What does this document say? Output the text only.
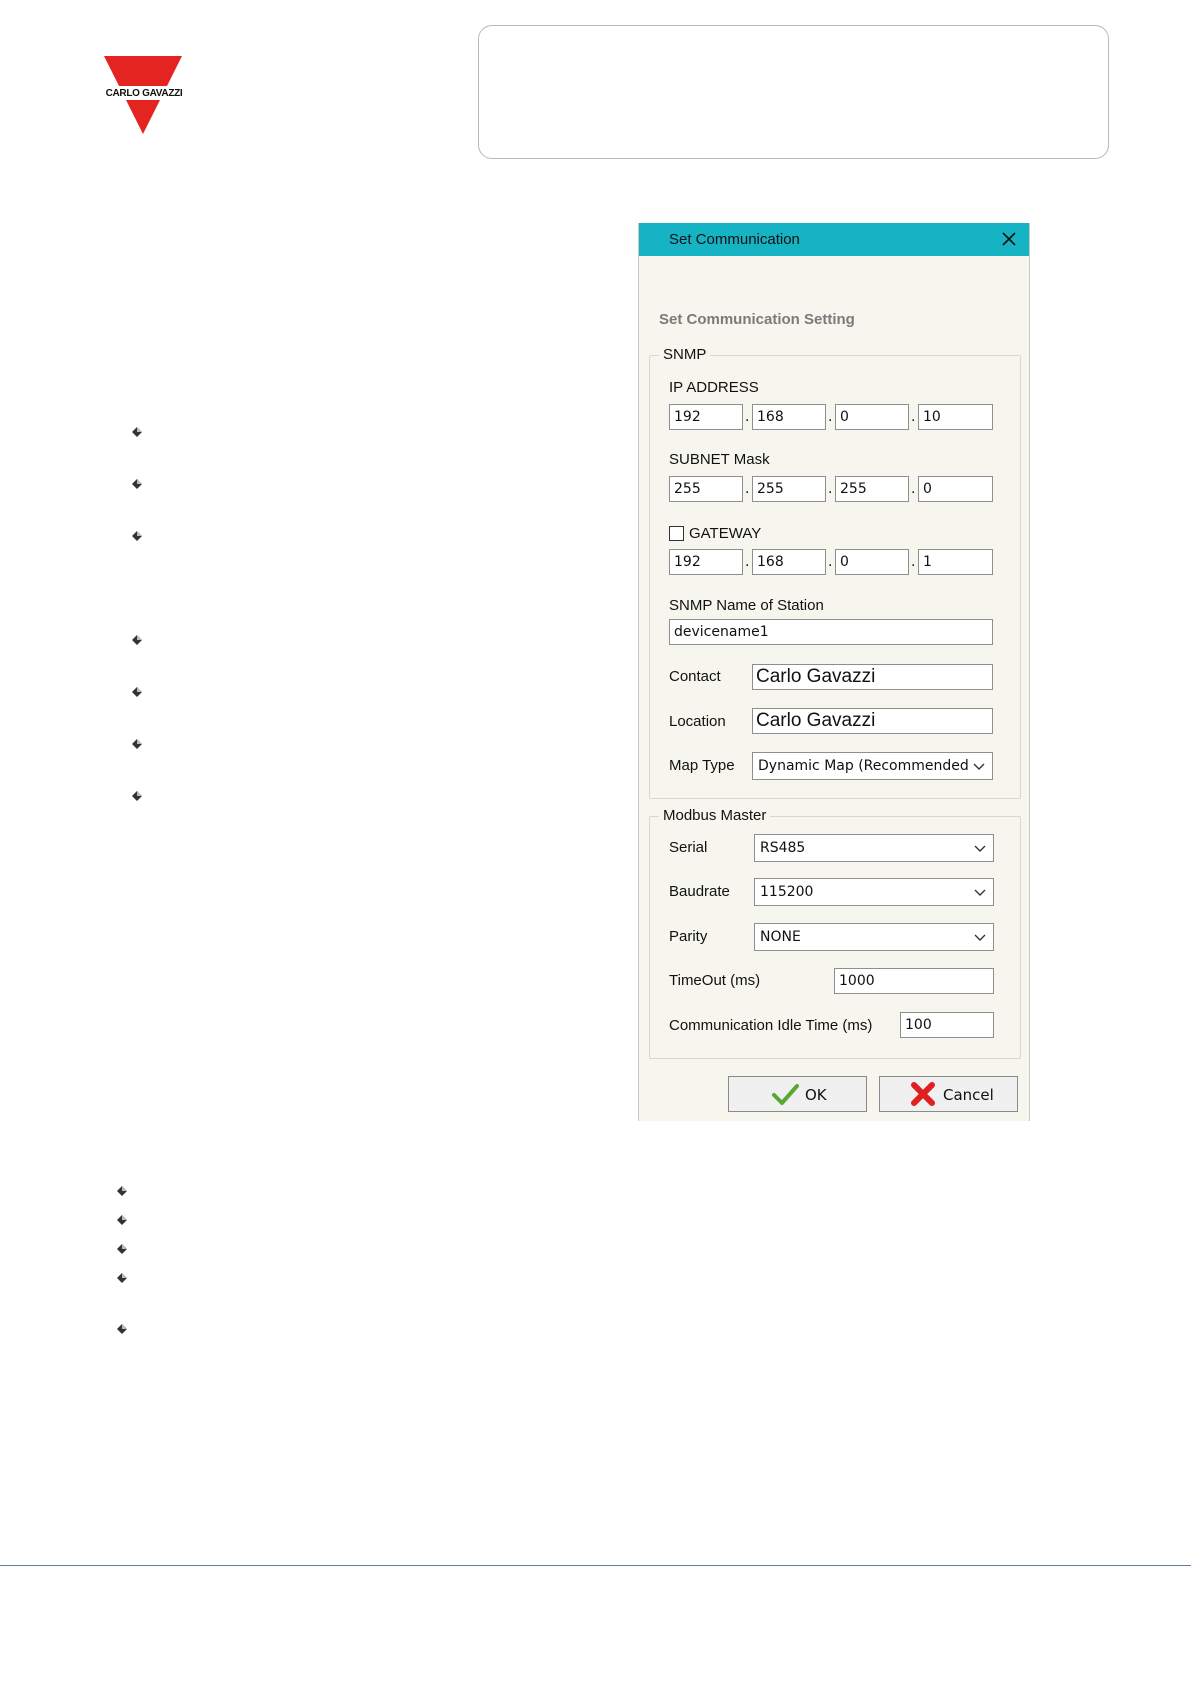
CARLO GAVAZZI
Set Communication
Set Communication Setting
SNMP
IP ADDRESS
192	. 168	. 0	. 10
SUBNET Mask
255	. 255	. 255	. 0
GATEWAY
192	. 168	. 0	. 1
SNMP Name of Station
devicename1
Contact Carlo Gavazzi
Location Carlo Gavazzi
Map Type	Dynamic Map (Recommended
Modbus Master
Serial	RS485
Baudrate	115200
Parity	NONE
TimeOut (ms)	1000
Communication Idle Time (ms)	100
OK	Cancel
